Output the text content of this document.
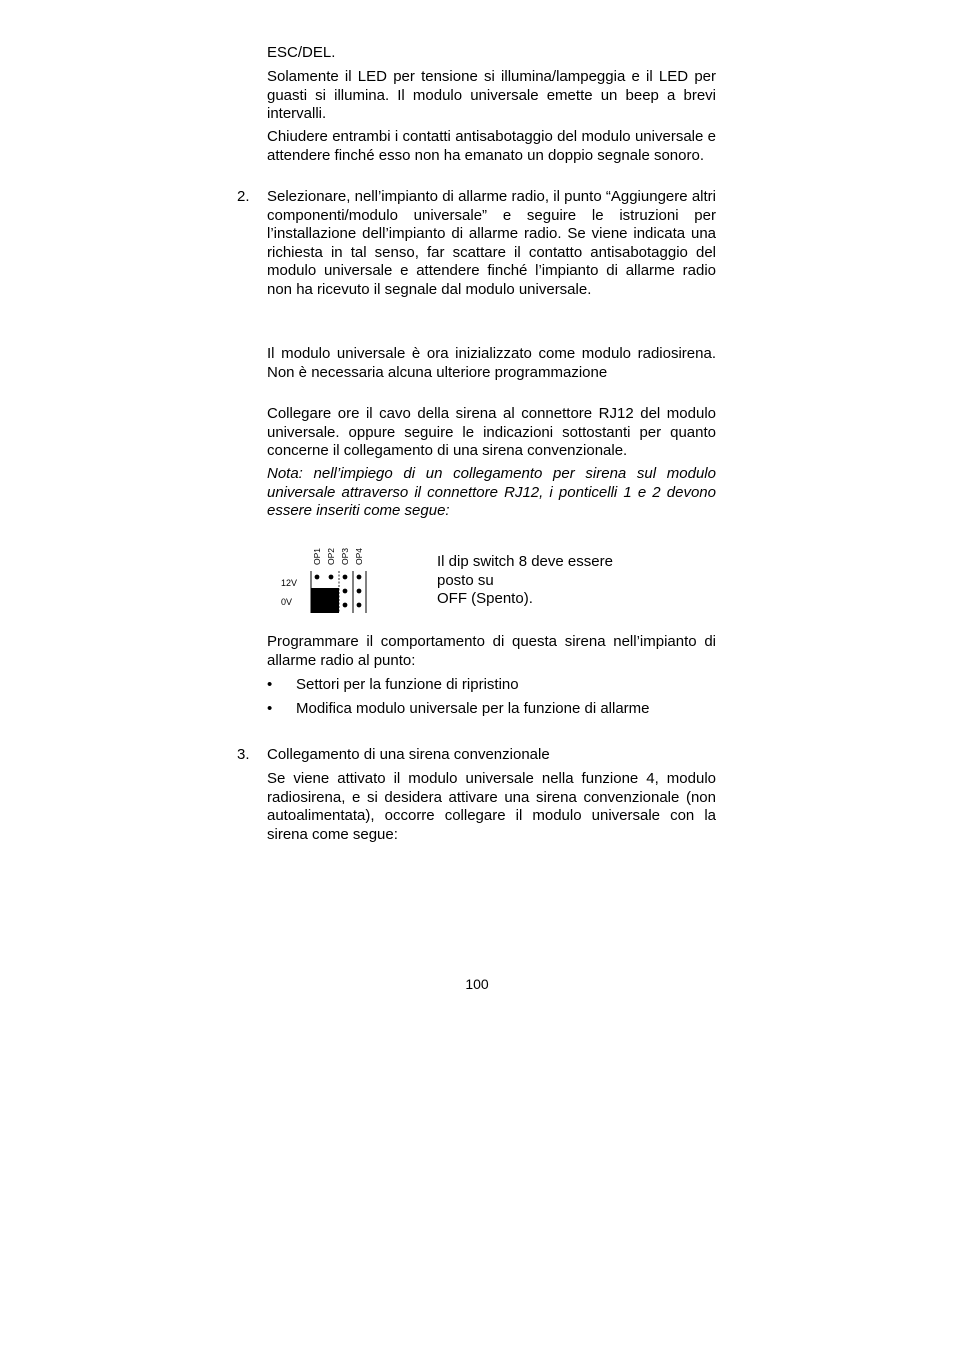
ESC/DEL.

Solamente il LED per tensione si illumina/lampeggia e il LED per guasti si illumina. Il modulo universale emette un beep a brevi intervalli.

Chiudere entrambi i contatti antisabotaggio del modulo universale e attendere finché esso non ha emanato un doppio segnale sonoro.

2. Selezionare, nell’impianto di allarme radio, il punto “Aggiungere altri componenti/modulo universale” e seguire le istruzioni per l’installazione dell’impianto di allarme radio. Se viene indicata una richiesta in tal senso, far scattare il contatto antisabotaggio del modulo universale e attendere finché l’impianto di allarme radio non ha ricevuto il segnale dal modulo universale.

Il modulo universale è ora inizializzato come modulo radiosirena. Non è necessaria alcuna ulteriore programmazione

Collegare ore il cavo della sirena al connettore RJ12 del modulo universale. oppure seguire le indicazioni sottostanti per quanto concerne il collegamento di una sirena convenzionale.

Nota: nell’impiego di un collegamento per sirena sul modulo universale attraverso il connettore RJ12, i ponticelli 1 e 2 devono essere inseriti come segue:

OP1 OP2 OP3 OP4
12V
0V
Il dip switch 8 deve essere
posto su
OFF (Spento).

Programmare il comportamento di questa sirena nell’impianto di allarme radio al punto:

• Settori per la funzione di ripristino
• Modifica modulo universale per la funzione di allarme
3. Collegamento di una sirena convenzionale

Se viene attivato il modulo universale nella funzione 4, modulo radiosirena, e si desidera attivare una sirena convenzionale (non autoalimentata), occorre collegare il modulo universale con la sirena come segue:

100
